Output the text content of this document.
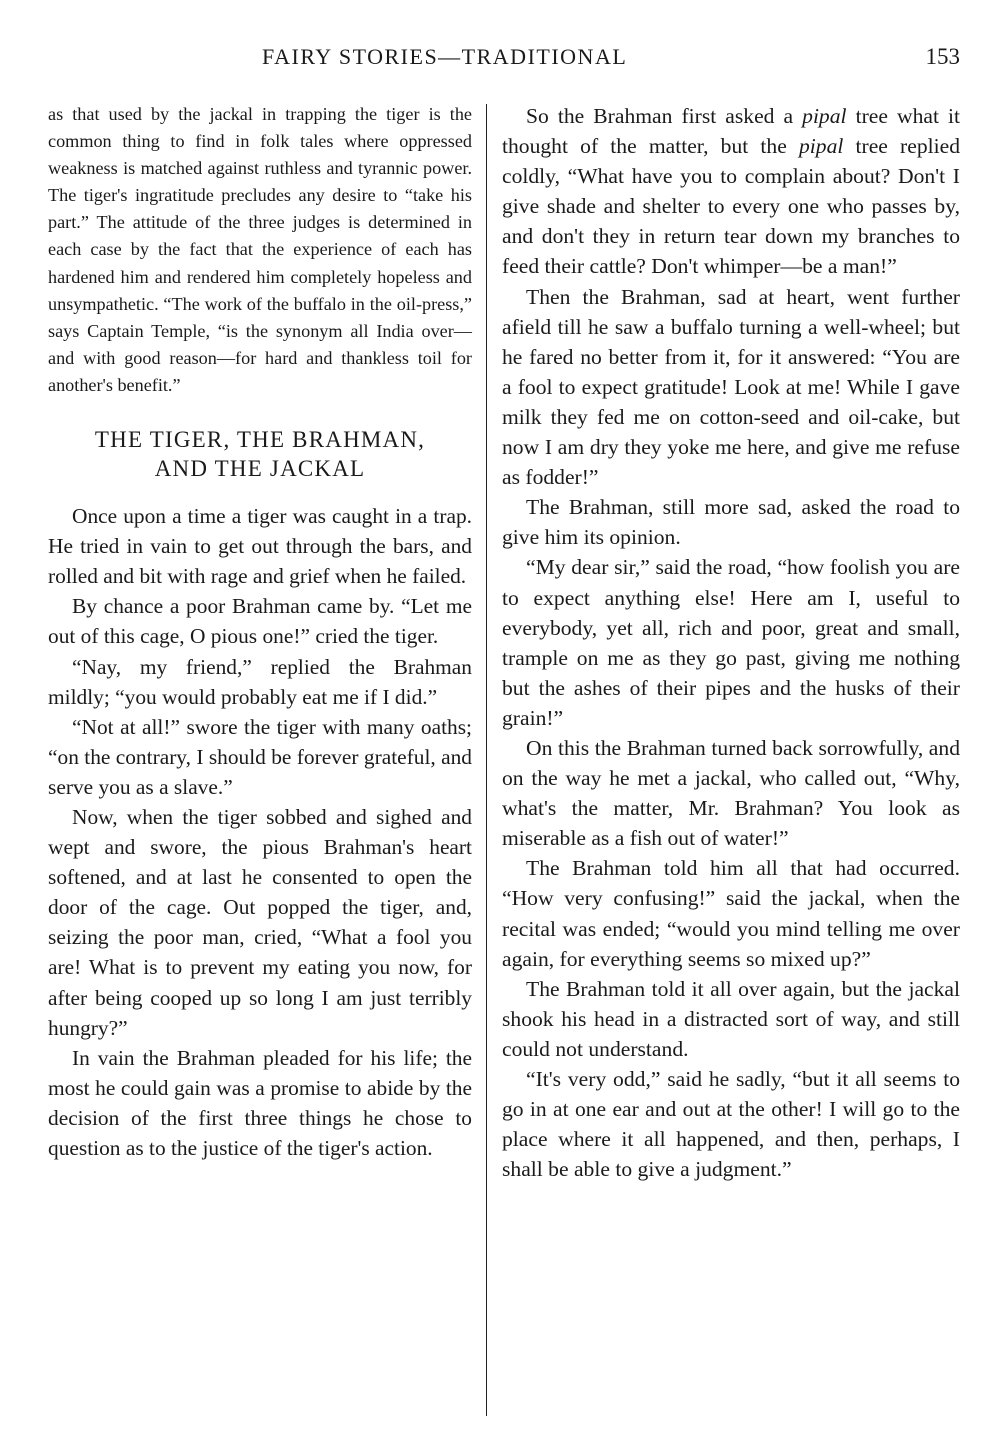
FAIRY STORIES—TRADITIONAL	153

as that used by the jackal in trapping the tiger is the common thing to find in folk tales where oppressed weakness is matched against ruthless and tyrannic power. The tiger's ingratitude precludes any desire to “take his part.” The attitude of the three judges is determined in each case by the fact that the experience of each has hardened him and rendered him completely hopeless and unsympathetic. “The work of the buffalo in the oil-press,” says Captain Temple, “is the synonym all India over—and with good reason—for hard and thankless toil for another's benefit.”

THE TIGER, THE BRAHMAN,
AND THE JACKAL

Once upon a time a tiger was caught in a trap. He tried in vain to get out through the bars, and rolled and bit with rage and grief when he failed.

By chance a poor Brahman came by. “Let me out of this cage, O pious one!” cried the tiger.

“Nay, my friend,” replied the Brahman mildly; “you would probably eat me if I did.”

“Not at all!” swore the tiger with many oaths; “on the contrary, I should be forever grateful, and serve you as a slave.”

Now, when the tiger sobbed and sighed and wept and swore, the pious Brahman's heart softened, and at last he consented to open the door of the cage. Out popped the tiger, and, seizing the poor man, cried, “What a fool you are! What is to prevent my eating you now, for after being cooped up so long I am just terribly hungry?”

In vain the Brahman pleaded for his life; the most he could gain was a promise to abide by the decision of the first three things he chose to question as to the justice of the tiger's action.

So the Brahman first asked a pipal tree what it thought of the matter, but the pipal tree replied coldly, “What have you to complain about? Don't I give shade and shelter to every one who passes by, and don't they in return tear down my branches to feed their cattle? Don't whimper—be a man!”

Then the Brahman, sad at heart, went further afield till he saw a buffalo turning a well-wheel; but he fared no better from it, for it answered: “You are a fool to expect gratitude! Look at me! While I gave milk they fed me on cotton-seed and oil-cake, but now I am dry they yoke me here, and give me refuse as fodder!”

The Brahman, still more sad, asked the road to give him its opinion.

“My dear sir,” said the road, “how foolish you are to expect anything else! Here am I, useful to everybody, yet all, rich and poor, great and small, trample on me as they go past, giving me nothing but the ashes of their pipes and the husks of their grain!”

On this the Brahman turned back sorrowfully, and on the way he met a jackal, who called out, “Why, what's the matter, Mr. Brahman? You look as miserable as a fish out of water!”

The Brahman told him all that had occurred. “How very confusing!” said the jackal, when the recital was ended; “would you mind telling me over again, for everything seems so mixed up?”

The Brahman told it all over again, but the jackal shook his head in a distracted sort of way, and still could not understand.

“It's very odd,” said he sadly, “but it all seems to go in at one ear and out at the other! I will go to the place where it all happened, and then, perhaps, I shall be able to give a judgment.”
